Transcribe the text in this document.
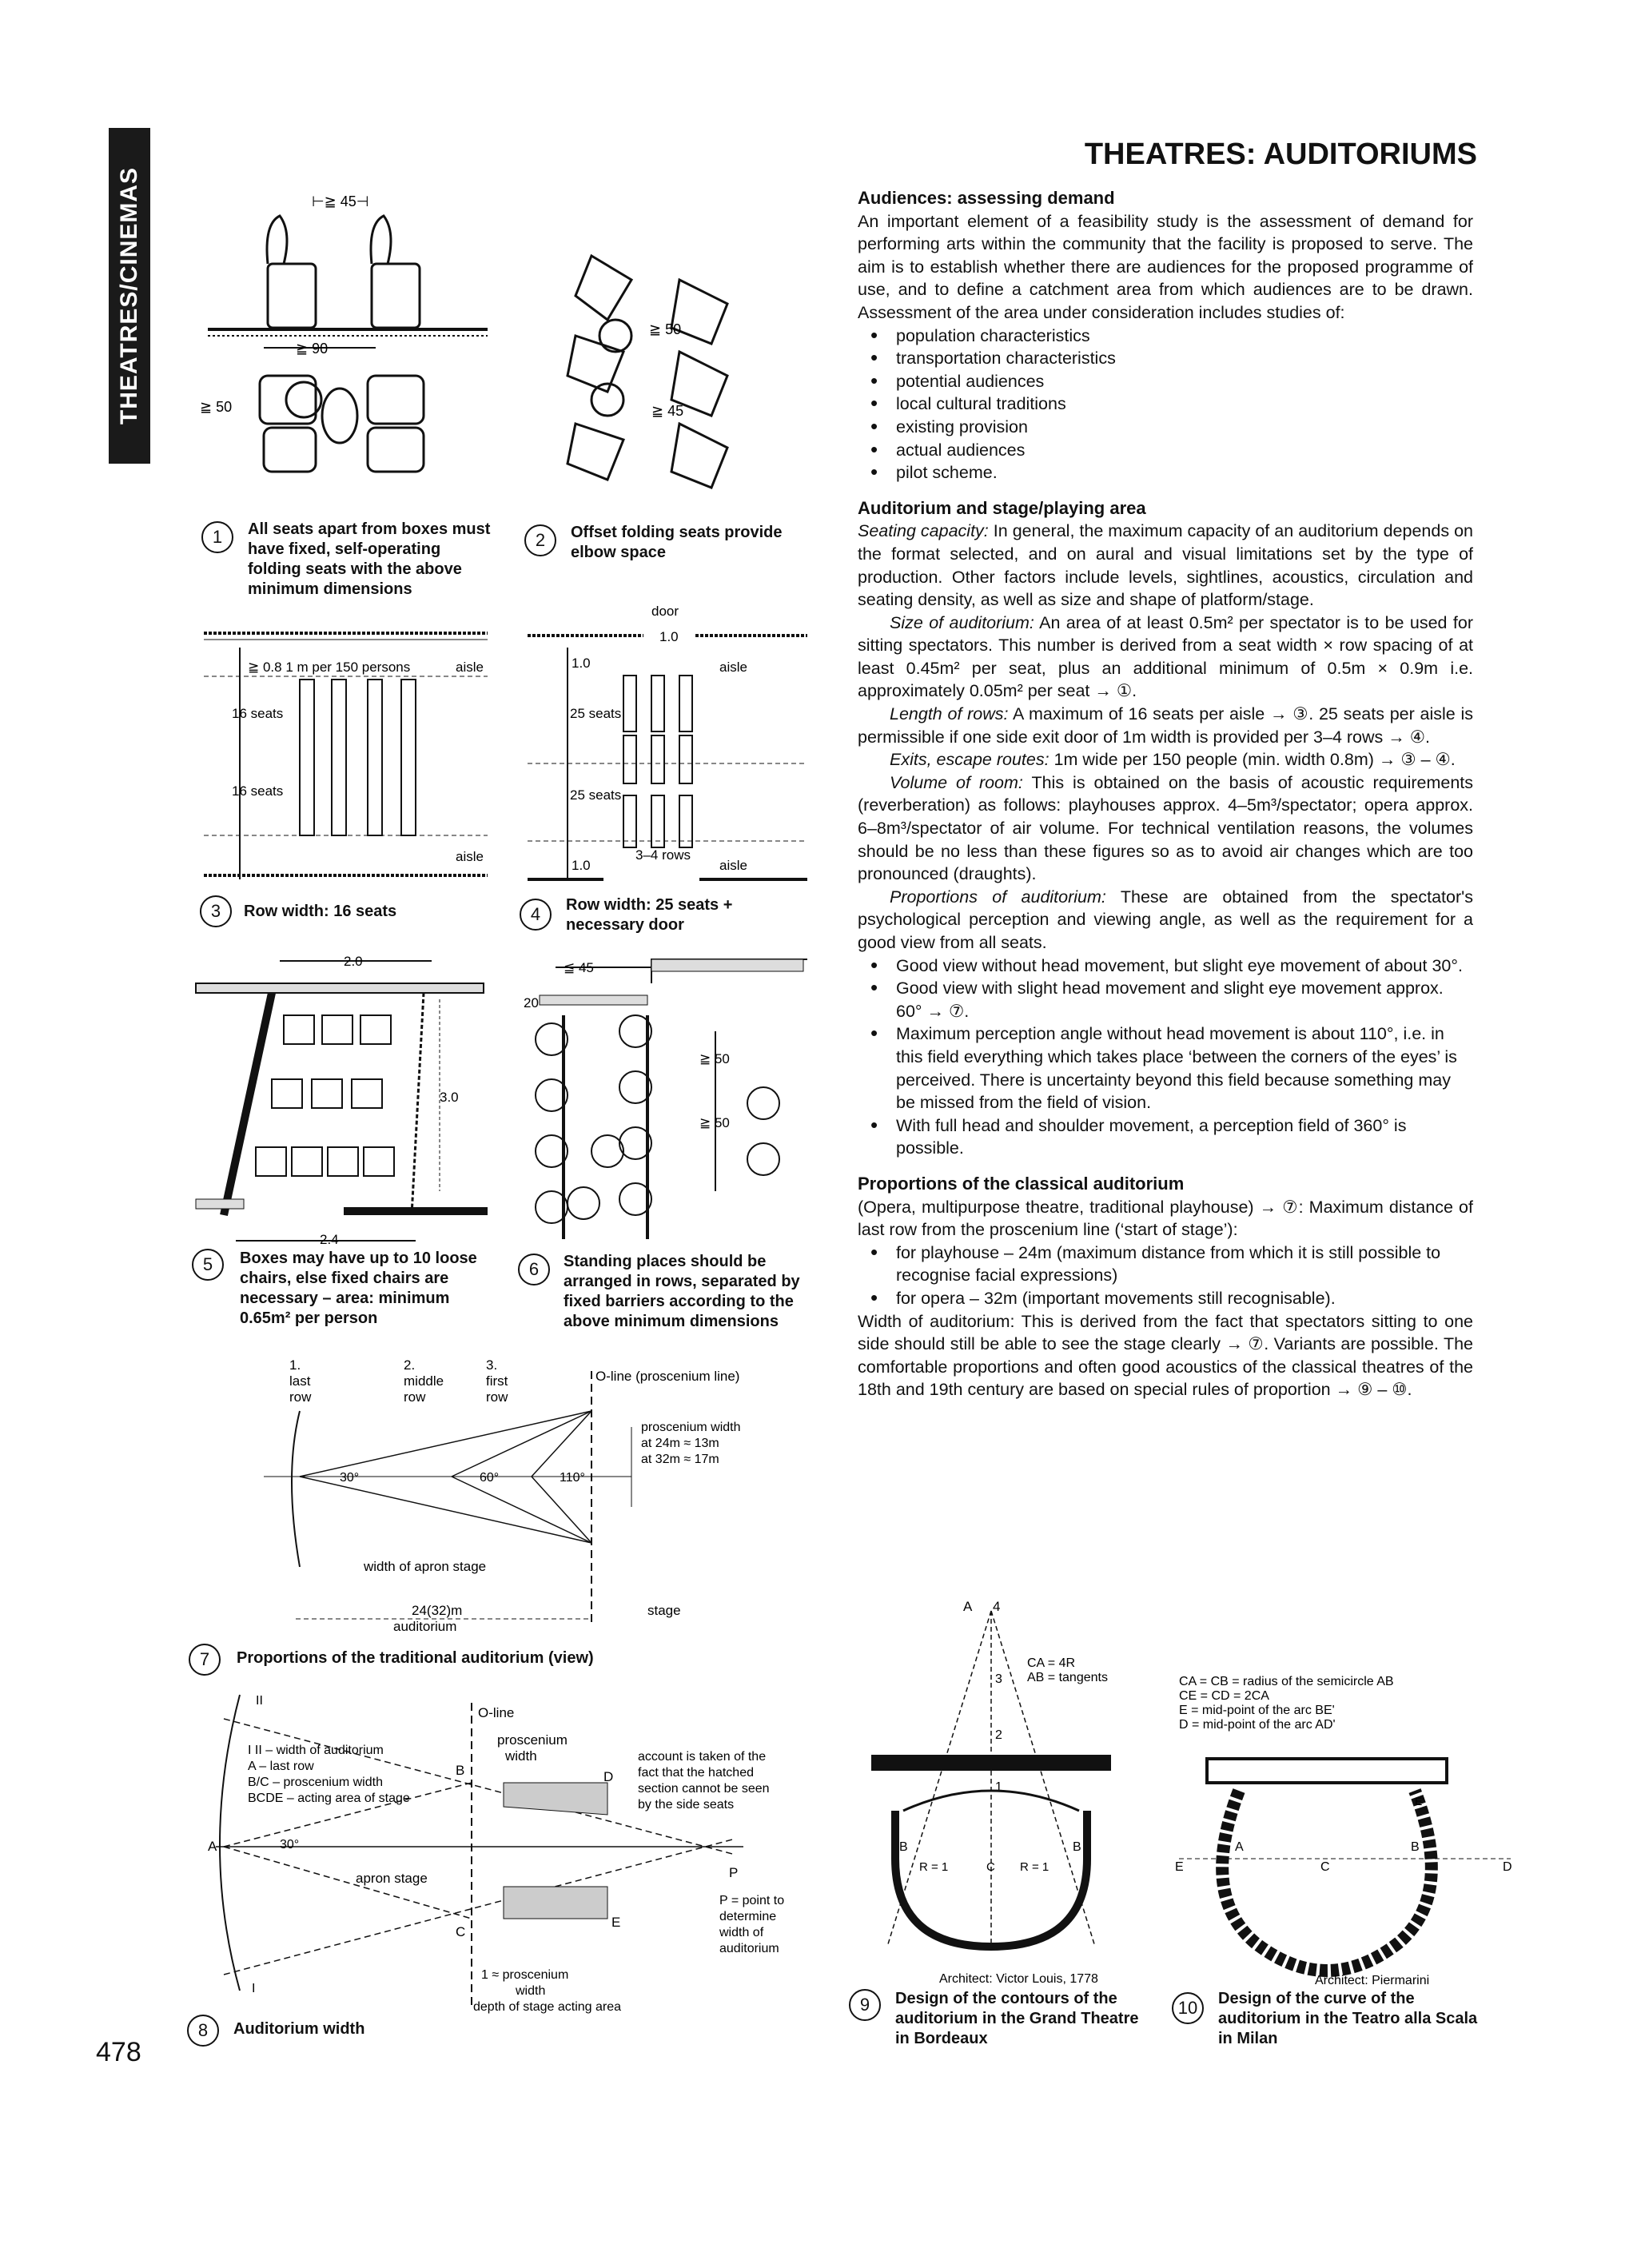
THEATRES/CINEMAS
THEATRES: AUDITORIUMS
Audiences: assessing demand

An important element of a feasibility study is the assessment of demand for performing arts within the community that the facility is proposed to serve. The aim is to establish whether there are audiences for the proposed programme of use, and to define a catchment area from which audiences are to be drawn. Assessment of the area under consideration includes studies of:

• population characteristics
• transportation characteristics
• potential audiences
• local cultural traditions
• existing provision
• actual audiences
• pilot scheme.
Auditorium and stage/playing area

Seating capacity: In general, the maximum capacity of an auditorium depends on the format selected, and on aural and visual limitations set by the type of production. Other factors include levels, sightlines, acoustics, circulation and seating density, as well as size and shape of platform/stage.

Size of auditorium: An area of at least 0.5m² per spectator is to be used for sitting spectators. This number is derived from a seat width × row spacing of at least 0.45m² per seat, plus an additional minimum of 0.5m × 0.9m i.e. approximately 0.05m² per seat → ①.

Length of rows: A maximum of 16 seats per aisle → ③. 25 seats per aisle is permissible if one side exit door of 1m width is provided per 3–4 rows → ④.

Exits, escape routes: 1m wide per 150 people (min. width 0.8m) → ③ – ④.

Volume of room: This is obtained on the basis of acoustic requirements (reverberation) as follows: playhouses approx. 4–5m³/spectator; opera approx. 6–8m³/spectator of air volume. For technical ventilation reasons, the volumes should be no less than these figures so as to avoid air changes which are too pronounced (draughts).

Proportions of auditorium: These are obtained from the spectator's psychological perception and viewing angle, as well as the requirement for a good view from all seats.

• Good view without head movement, but slight eye movement of about 30°.
• Good view with slight head movement and slight eye movement approx. 60° → ⑦.
• Maximum perception angle without head movement is about 110°, i.e. in this field everything which takes place ‘between the corners of the eyes’ is perceived. There is uncertainty beyond this field because something may be missed from the field of vision.
• With full head and shoulder movement, a perception field of 360° is possible.
Proportions of the classical auditorium

(Opera, multipurpose theatre, traditional playhouse) → ⑦: Maximum distance of last row from the proscenium line (‘start of stage’):

• for playhouse – 24m (maximum distance from which it is still possible to recognise facial expressions)
• for opera – 32m (important movements still recognisable).

Width of auditorium: This is derived from the fact that spectators sitting to one side should still be able to see the stage clearly → ⑦. Variants are possible. The comfortable proportions and often good acoustics of the classical theatres of the 18th and 19th century are based on special rules of proportion → ⑨ – ⑩.

⊢≧ 45⊣
≧ 90
≧ 50
1	All seats apart from boxes must have fixed, self-operating folding seats with the above minimum dimensions
≧ 50
≧ 45
2	Offset folding seats provide elbow space
≧ 0.8 1 m per 150 persons	aisle
16 seats
16 seats
aisle
3	Row width: 16 seats
door
1.0
1.0	aisle
25 seats
25 seats
3–4 rows
1.0	aisle
4	Row width: 25 seats + necessary door
2.0
3.0
2.4
5	Boxes may have up to 10 loose chairs, else fixed chairs are necessary – area: minimum 0.65m² per person
≦ 45
20
≧ 50
≧ 50
6	Standing places should be arranged in rows, separated by fixed barriers according to the above minimum dimensions
1.
last
row
2.
middle
row
3.
first
row
O-line (proscenium line)
proscenium width
at 24m ≈ 13m
at 32m ≈ 17m
30°	60°	110°
width of apron stage
24(32)m
auditorium
stage
7	Proportions of the traditional auditorium (view)
II
I II – width of auditorium
A – last row
B/C – proscenium width
BCDE – acting area of stage
O-line
proscenium
width	account is taken of the
fact that the hatched
section cannot be seen
by the side seats
A	30°
B	D
apron stage	P
P = point to
determine
width of
auditorium
E
C
I
1 ≈ proscenium
width
depth of stage acting area
8	Auditorium width
A 4
CA = 4R
AB = tangents
3
2
1
B	B
R = 1	C R = 1
Architect: Victor Louis, 1778
9	Design of the contours of the auditorium in the Grand Theatre in Bordeaux
CA = CB = radius of the semicircle AB
CE = CD = 2CA
E = mid-point of the arc BE'
D = mid-point of the arc AD'
E	D
A	B
C
E'
Architect: Piermarini
10	Design of the curve of the auditorium in the Teatro alla Scala in Milan
478
